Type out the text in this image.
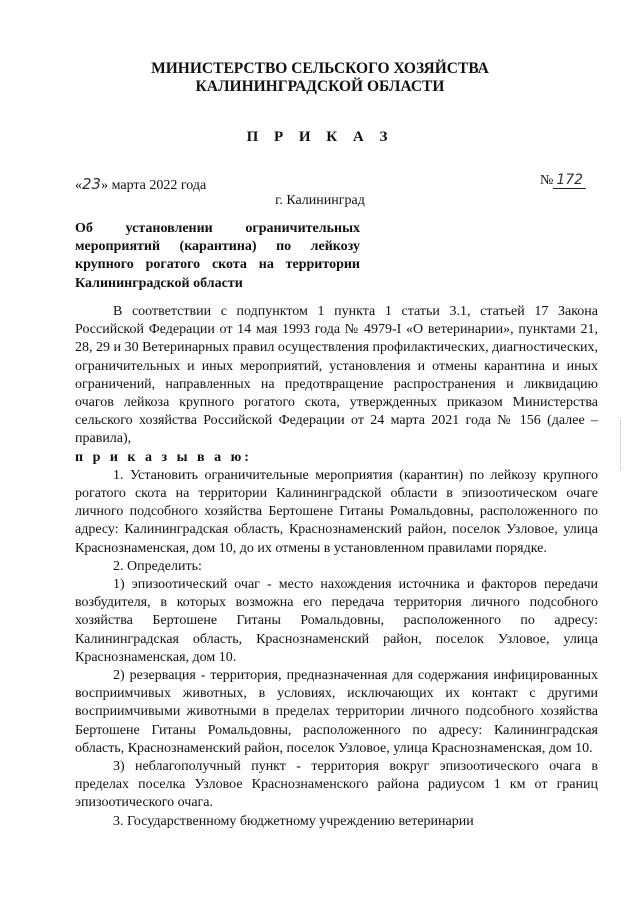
МИНИСТЕРСТВО СЕЛЬСКОГО ХОЗЯЙСТВА
КАЛИНИНГРАДСКОЙ ОБЛАСТИ
П Р И К А З
«23» марта 2022 года	№ 172
г. Калининград
Об установлении ограничительных мероприятий (карантина) по лейкозу крупного рогатого скота на территории Калининградской области

В соответствии с подпунктом 1 пункта 1 статьи 3.1, статьей 17 Закона Российской Федерации от 14 мая 1993 года № 4979-I «О ветеринарии», пунктами 21, 28, 29 и 30 Ветеринарных правил осуществления профилактических, диагностических, ограничительных и иных мероприятий, установления и отмены карантина и иных ограничений, направленных на предотвращение распространения и ликвидацию очагов лейкоза крупного рогатого скота, утвержденных приказом Министерства сельского хозяйства Российской Федерации от 24 марта 2021 года № 156 (далее – правила),

п р и к а з ы в а ю:

1. Установить ограничительные мероприятия (карантин) по лейкозу крупного рогатого скота на территории Калининградской области в эпизоотическом очаге личного подсобного хозяйства Бертошене Гитаны Ромальдовны, расположенного по адресу: Калининградская область, Краснознаменский район, поселок Узловое, улица Краснознаменская, дом 10, до их отмены в установленном правилами порядке.

2. Определить:

1) эпизоотический очаг - место нахождения источника и факторов передачи возбудителя, в которых возможна его передача территория личного подсобного хозяйства Бертошене Гитаны Ромальдовны, расположенного по адресу: Калининградская область, Краснознаменский район, поселок Узловое, улица Краснознаменская, дом 10.

2) резервация - территория, предназначенная для содержания инфицированных восприимчивых животных, в условиях, исключающих их контакт с другими восприимчивыми животными в пределах территории личного подсобного хозяйства Бертошене Гитаны Ромальдовны, расположенного по адресу: Калининградская область, Краснознаменский район, поселок Узловое, улица Краснознаменская, дом 10.

3) неблагополучный пункт - территория вокруг эпизоотического очага в пределах поселка Узловое Краснознаменского района радиусом 1 км от границ эпизоотического очага.

3. Государственному бюджетному учреждению ветеринарии
